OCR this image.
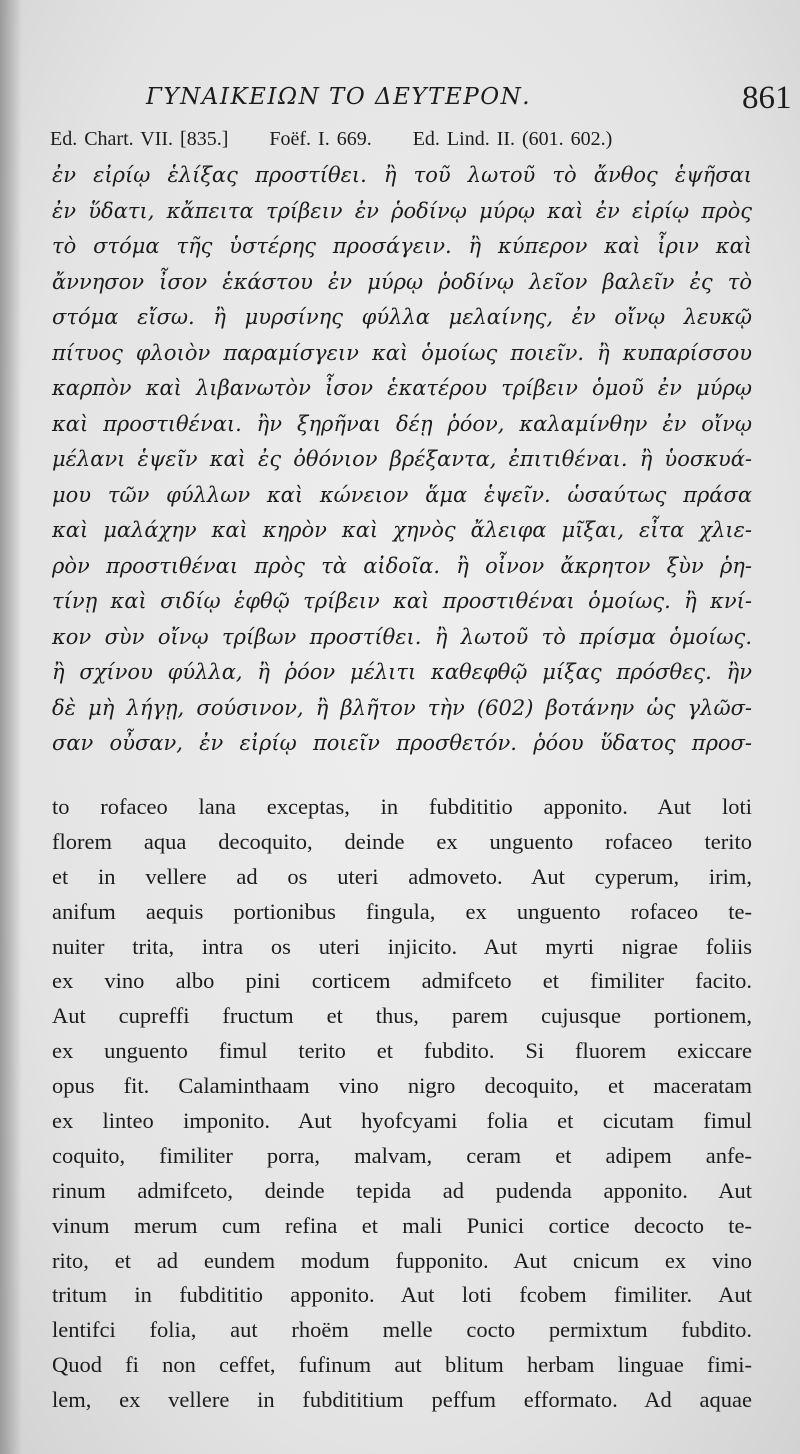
ΓΥΝΑΙΚΕΙΩΝ ΤΟ ΔΕΥΤΕΡΟΝ.	861
Ed. Chart. VII. [835.] Foëf. I. 669. Ed. Lind. II. (601. 602.)
ἐν εἰρίῳ ἑλίξας προστίθει. ἢ τοῦ λωτοῦ τὸ ἄνθος ἑψῆσαι
ἐν ὕδατι, κἄπειτα τρίβειν ἐν ῥοδίνῳ μύρῳ καὶ ἐν εἰρίῳ πρὸς
τὸ στόμα τῆς ὑστέρης προσάγειν. ἢ κύπερον καὶ ἶριν καὶ
ἄννησον ἶσον ἑκάστου ἐν μύρῳ ῥοδίνῳ λεῖον βαλεῖν ἐς τὸ
στόμα εἴσω. ἢ μυρσίνης φύλλα μελαίνης, ἐν οἴνῳ λευκῷ
πίτυος φλοιὸν παραμίσγειν καὶ ὁμοίως ποιεῖν. ἢ κυπαρίσσου
καρπὸν καὶ λιβανωτὸν ἶσον ἑκατέρου τρίβειν ὁμοῦ ἐν μύρῳ
καὶ προστιθέναι. ἢν ξηρῆναι δέῃ ῥόον, καλαμίνθην ἐν οἴνῳ
μέλανι ἑψεῖν καὶ ἐς ὀθόνιον βρέξαντα, ἐπιτιθέναι. ἢ ὑοσκυά-
μου τῶν φύλλων καὶ κώνειον ἅμα ἑψεῖν. ὡσαύτως πράσα
καὶ μαλάχην καὶ κηρὸν καὶ χηνὸς ἄλειφα μῖξαι, εἶτα χλιε-
ρὸν προστιθέναι πρὸς τὰ αἰδοῖα. ἢ οἶνον ἄκρητον ξὺν ῥη-
τίνῃ καὶ σιδίῳ ἑφθῷ τρίβειν καὶ προστιθέναι ὁμοίως. ἢ κνί-
κον σὺν οἴνῳ τρίβων προστίθει. ἢ λωτοῦ τὸ πρίσμα ὁμοίως.
ἢ σχίνου φύλλα, ἢ ῥόον μέλιτι καθεφθῷ μίξας πρόσθες. ἢν
δὲ μὴ λήγῃ, σούσινον, ἢ βλῆτον τὴν (602) βοτάνην ὡς γλῶσ-
σαν οὖσαν, ἐν εἰρίῳ ποιεῖν προσθετόν. ῥόου ὕδατος προσ-
to rofaceo lana exceptas, in fubdititio apponito. Aut loti
florem aqua decoquito, deinde ex unguento rofaceo terito
et in vellere ad os uteri admoveto. Aut cyperum, irim,
anifum aequis portionibus fingula, ex unguento rofaceo te-
nuiter trita, intra os uteri injicito. Aut myrti nigrae foliis
ex vino albo pini corticem admifceto et fimiliter facito.
Aut cupreffi fructum et thus, parem cujusque portionem,
ex unguento fimul terito et fubdito. Si fluorem exiccare
opus fit. Calaminthaam vino nigro decoquito, et maceratam
ex linteo imponito. Aut hyofcyami folia et cicutam fimul
coquito, fimiliter porra, malvam, ceram et adipem anfe-
rinum admifceto, deinde tepida ad pudenda apponito. Aut
vinum merum cum refina et mali Punici cortice decocto te-
rito, et ad eundem modum fupponito. Aut cnicum ex vino
tritum in fubdititio apponito. Aut loti fcobem fimiliter. Aut
lentifci folia, aut rhoëm melle cocto permixtum fubdito.
Quod fi non ceffet, fufinum aut blitum herbam linguae fimi-
lem, ex vellere in fubdititium peffum efformato. Ad aquae
